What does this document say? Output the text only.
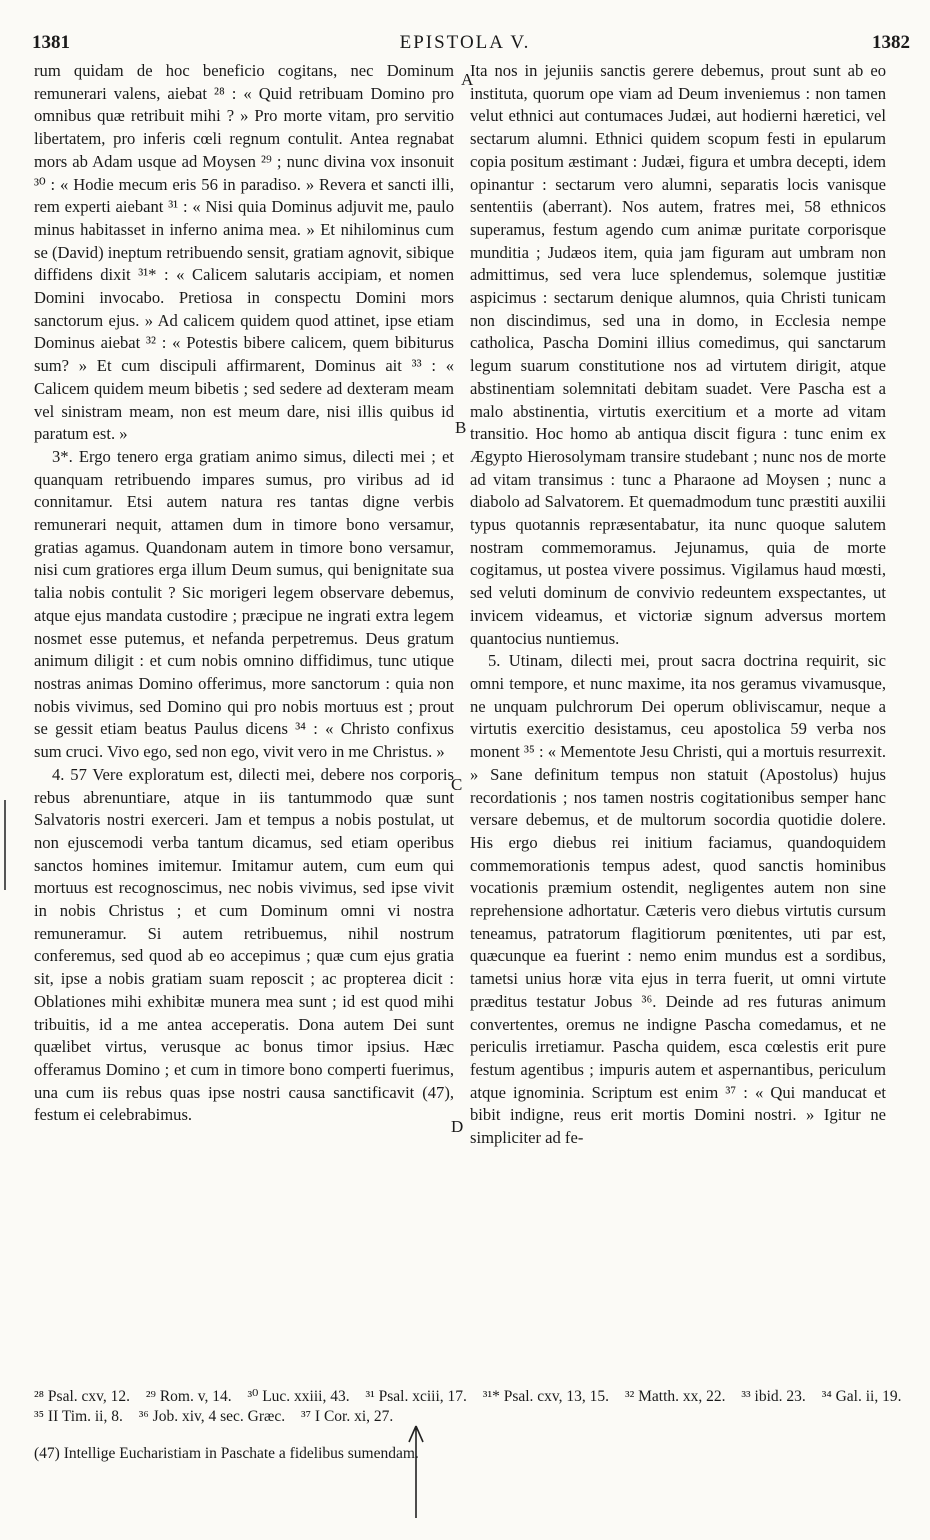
1381	EPISTOLA V.	1382

rum quidam de hoc beneficio cogitans, nec Dominum remunerari valens, aiebat ²⁸ : « Quid retribuam Domino pro omnibus quæ retribuit mihi ? » Pro morte vitam, pro servitio libertatem, pro inferis cœli regnum contulit. Antea regnabat mors ab Adam usque ad Moysen ²⁹ ; nunc divina vox insonuit ³⁰ : « Hodie mecum eris 56 in paradiso. » Revera et sancti illi, rem experti aiebant ³¹ : « Nisi quia Dominus adjuvit me, paulo minus habitasset in inferno anima mea. » Et nihilominus cum se (David) ineptum retribuendo sensit, gratiam agnovit, sibique diffidens dixit ³¹* : « Calicem salutaris accipiam, et nomen Domini invocabo. Pretiosa in conspectu Domini mors sanctorum ejus. » Ad calicem quidem quod attinet, ipse etiam Dominus aiebat ³² : « Potestis bibere calicem, quem bibiturus sum? » Et cum discipuli affirmarent, Dominus ait ³³ : « Calicem quidem meum bibetis ; sed sedere ad dexteram meam vel sinistram meam, non est meum dare, nisi illis quibus id paratum est. »

3*. Ergo tenero erga gratiam animo simus, dilecti mei ; et quanquam retribuendo impares sumus, pro viribus ad id connitamur. Etsi autem natura res tantas digne verbis remunerari nequit, attamen dum in timore bono versamur, gratias agamus. Quandonam autem in timore bono versamur, nisi cum gratiores erga illum Deum sumus, qui benignitate sua talia nobis contulit ? Sic morigeri legem observare debemus, atque ejus mandata custodire ; præcipue ne ingrati extra legem nosmet esse putemus, et nefanda perpetremus. Deus gratum animum diligit : et cum nobis omnino diffidimus, tunc utique nostras animas Domino offerimus, more sanctorum : quia non nobis vivimus, sed Domino qui pro nobis mortuus est ; prout se gessit etiam beatus Paulus dicens ³⁴ : « Christo confixus sum cruci. Vivo ego, sed non ego, vivit vero in me Christus. »

4. 57 Vere exploratum est, dilecti mei, debere nos corporis rebus abrenuntiare, atque in iis tantummodo quæ sunt Salvatoris nostri exerceri. Jam et tempus a nobis postulat, ut non ejuscemodi verba tantum dicamus, sed etiam operibus sanctos homines imitemur. Imitamur autem, cum eum qui mortuus est recognoscimus, nec nobis vivimus, sed ipse vivit in nobis Christus ; et cum Dominum omni vi nostra remuneramur. Si autem retribuemus, nihil nostrum conferemus, sed quod ab eo accepimus ; quæ cum ejus gratia sit, ipse a nobis gratiam suam reposcit ; ac propterea dicit : Oblationes mihi exhibitæ munera mea sunt ; id est quod mihi tribuitis, id a me antea acceperatis. Dona autem Dei sunt quælibet virtus, verusque ac bonus timor ipsius. Hæc offeramus Domino ; et cum in timore bono comperti fuerimus, una cum iis rebus quas ipse nostri causa sanctificavit (47), festum ei celebrabimus.

Ita nos in jejuniis sanctis gerere debemus, prout sunt ab eo instituta, quorum ope viam ad Deum inveniemus : non tamen velut ethnici aut contumaces Judæi, aut hodierni hæretici, vel sectarum alumni. Ethnici quidem scopum festi in epularum copia positum æstimant : Judæi, figura et umbra decepti, idem opinantur : sectarum vero alumni, separatis locis vanisque sententiis (aberrant). Nos autem, fratres mei, 58 ethnicos superamus, festum agendo cum animæ puritate corporisque munditia ; Judæos item, quia jam figuram aut umbram non admittimus, sed vera luce splendemus, solemque justitiæ aspicimus : sectarum denique alumnos, quia Christi tunicam non discindimus, sed una in domo, in Ecclesia nempe catholica, Pascha Domini illius comedimus, qui sanctarum legum suarum constitutione nos ad virtutem dirigit, atque abstinentiam solemnitati debitam suadet. Vere Pascha est a malo abstinentia, virtutis exercitium et a morte ad vitam transitio. Hoc homo ab antiqua discit figura : tunc enim ex Ægypto Hierosolymam transire studebant ; nunc nos de morte ad vitam transimus : tunc a Pharaone ad Moysen ; nunc a diabolo ad Salvatorem. Et quemadmodum tunc præstiti auxilii typus quotannis repræsentabatur, ita nunc quoque salutem nostram commemoramus. Jejunamus, quia de morte cogitamus, ut postea vivere possimus. Vigilamus haud mœsti, sed veluti dominum de convivio redeuntem exspectantes, ut invicem videamus, et victoriæ signum adversus mortem quantocius nuntiemus.

5. Utinam, dilecti mei, prout sacra doctrina requirit, sic omni tempore, et nunc maxime, ita nos geramus vivamusque, ne unquam pulchrorum Dei operum obliviscamur, neque a virtutis exercitio desistamus, ceu apostolica 59 verba nos monent ³⁵ : « Mementote Jesu Christi, qui a mortuis resurrexit. » Sane definitum tempus non statuit (Apostolus) hujus recordationis ; nos tamen nostris cogitationibus semper hanc versare debemus, et de multorum socordia quotidie dolere. His ergo diebus rei initium faciamus, quandoquidem commemorationis tempus adest, quod sanctis hominibus vocationis præmium ostendit, negligentes autem non sine reprehensione adhortatur. Cæteris vero diebus virtutis cursum teneamus, patratorum flagitiorum pœnitentes, uti par est, quæcunque ea fuerint : nemo enim mundus est a sordibus, tametsi unius horæ vita ejus in terra fuerit, ut omni virtute præditus testatur Jobus ³⁶. Deinde ad res futuras animum convertentes, oremus ne indigne Pascha comedamus, et ne periculis irretiamur. Pascha quidem, esca cœlestis erit pure festum agentibus ; impuris autem et aspernantibus, periculum atque ignominia. Scriptum est enim ³⁷ : « Qui manducat et bibit indigne, reus erit mortis Domini nostri. » Igitur ne simpliciter ad fe-

A
B
C
D
²⁸ Psal. cxv, 12. ²⁹ Rom. v, 14. ³⁰ Luc. xxiii, 43. ³¹ Psal. xciii, 17. ³¹* Psal. cxv, 13, 15. ³² Matth. xx, 22. ³³ ibid. 23. ³⁴ Gal. ii, 19. ³⁵ II Tim. ii, 8. ³⁶ Job. xiv, 4 sec. Græc. ³⁷ I Cor. xi, 27.
(47) Intellige Eucharistiam in Paschate a fidelibus sumendam.
